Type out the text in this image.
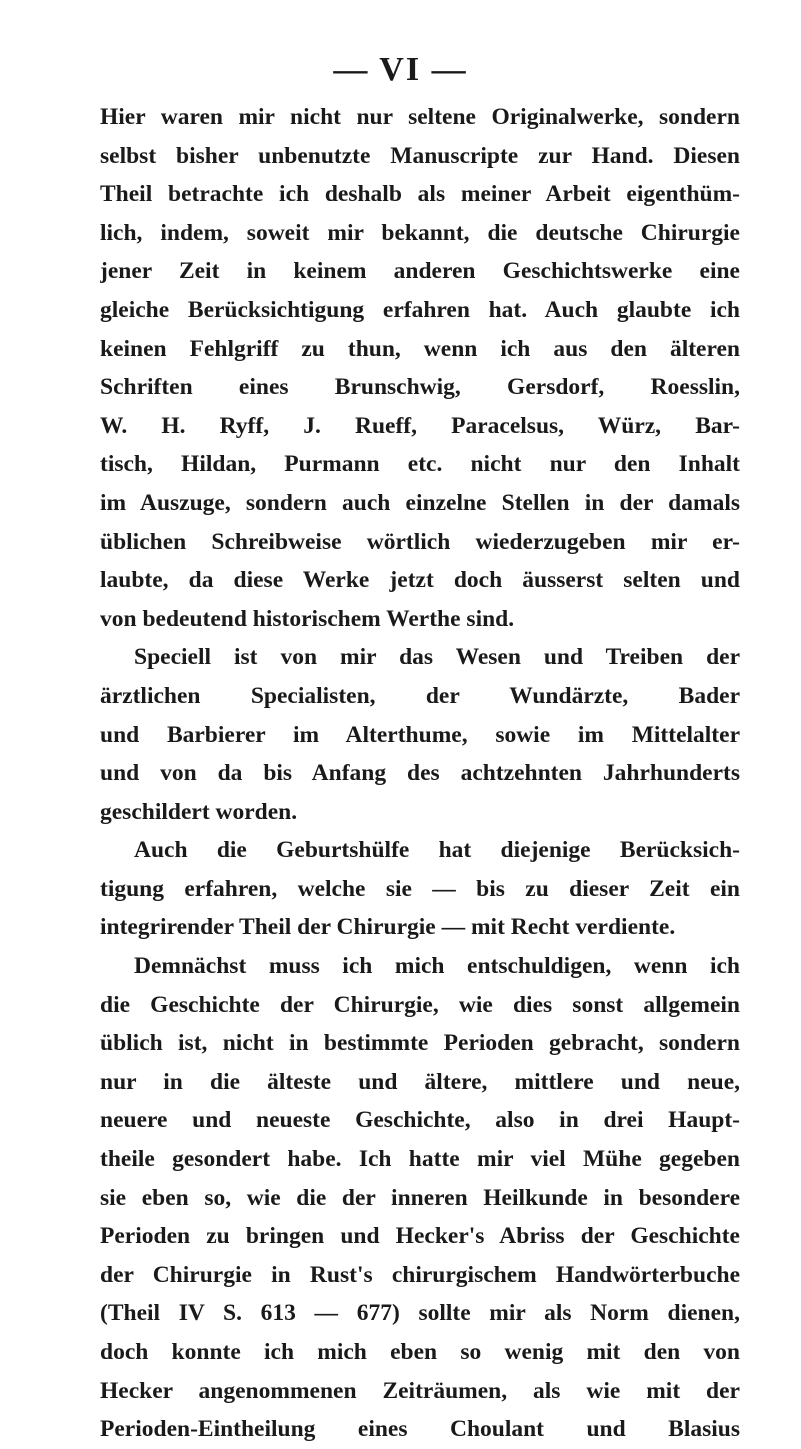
— VI —
Hier waren mir nicht nur seltene Originalwerke, sondern
selbst bisher unbenutzte Manuscripte zur Hand. Diesen
Theil betrachte ich deshalb als meiner Arbeit eigenthüm-
lich, indem, soweit mir bekannt, die deutsche Chirurgie
jener Zeit in keinem anderen Geschichtswerke eine
gleiche Berücksichtigung erfahren hat. Auch glaubte ich
keinen Fehlgriff zu thun, wenn ich aus den älteren
Schriften eines Brunschwig, Gersdorf, Roesslin,
W. H. Ryff, J. Rueff, Paracelsus, Würz, Bar-
tisch, Hildan, Purmann etc. nicht nur den Inhalt
im Auszuge, sondern auch einzelne Stellen in der damals
üblichen Schreibweise wörtlich wiederzugeben mir er-
laubte, da diese Werke jetzt doch äusserst selten und
von bedeutend historischem Werthe sind.
Speciell ist von mir das Wesen und Treiben der
ärztlichen Specialisten, der Wundärzte, Bader
und Barbierer im Alterthume, sowie im Mittelalter
und von da bis Anfang des achtzehnten Jahrhunderts
geschildert worden.
Auch die Geburtshülfe hat diejenige Berücksich-
tigung erfahren, welche sie — bis zu dieser Zeit ein
integrirender Theil der Chirurgie — mit Recht verdiente.
Demnächst muss ich mich entschuldigen, wenn ich
die Geschichte der Chirurgie, wie dies sonst allgemein
üblich ist, nicht in bestimmte Perioden gebracht, sondern
nur in die älteste und ältere, mittlere und neue,
neuere und neueste Geschichte, also in drei Haupt-
theile gesondert habe. Ich hatte mir viel Mühe gegeben
sie eben so, wie die der inneren Heilkunde in besondere
Perioden zu bringen und Hecker's Abriss der Geschichte
der Chirurgie in Rust's chirurgischem Handwörterbuche
(Theil IV S. 613 — 677) sollte mir als Norm dienen,
doch konnte ich mich eben so wenig mit den von
Hecker angenommenen Zeiträumen, als wie mit der
Perioden-Eintheilung eines Choulant und Blasius
